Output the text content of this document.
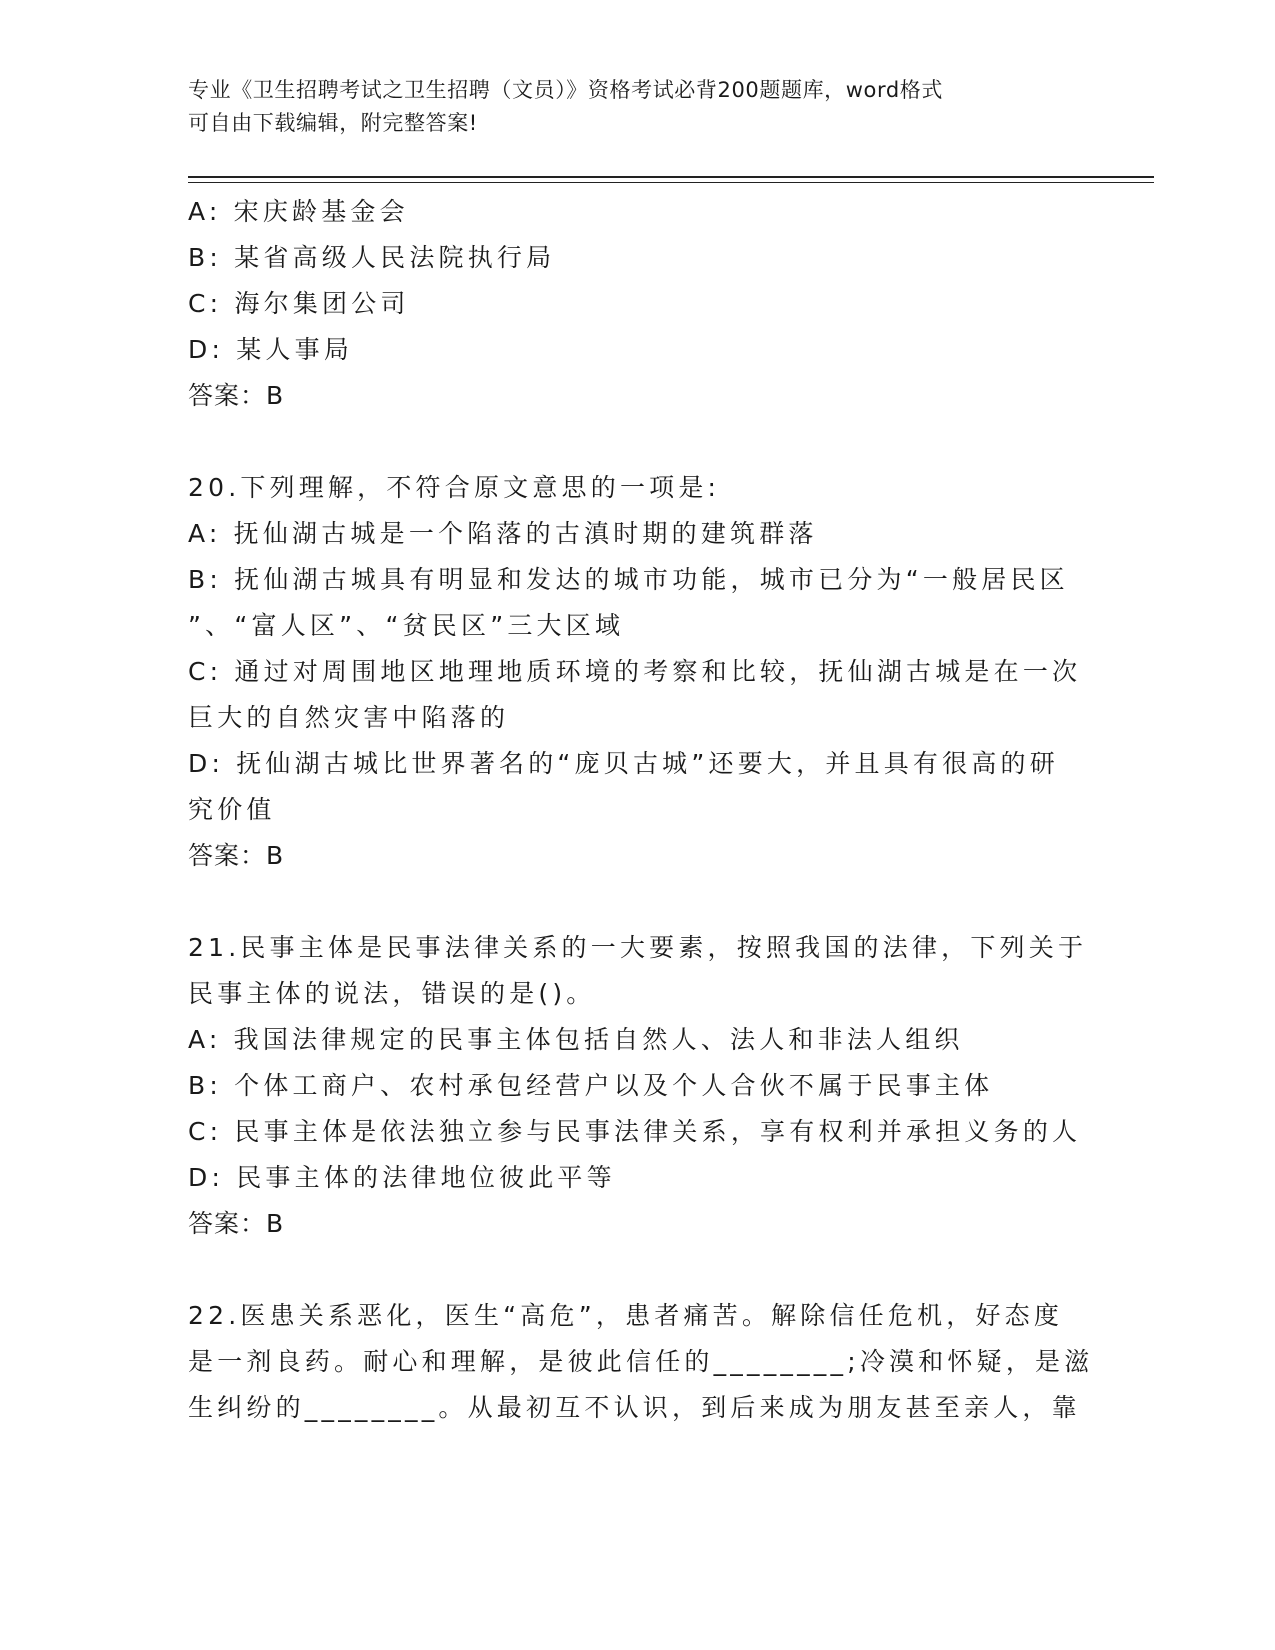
专业《卫生招聘考试之卫生招聘（文员）》资格考试必背200题题库，word格式
可自由下载编辑，附完整答案!
A: 宋庆龄基金会
B: 某省高级人民法院执行局
C: 海尔集团公司
D: 某人事局
答案：B
20.下列理解，不符合原文意思的一项是:
A: 抚仙湖古城是一个陷落的古滇时期的建筑群落
B: 抚仙湖古城具有明显和发达的城市功能，城市已分为“一般居民区
”、“富人区”、“贫民区”三大区域
C: 通过对周围地区地理地质环境的考察和比较，抚仙湖古城是在一次
巨大的自然灾害中陷落的
D: 抚仙湖古城比世界著名的“庞贝古城”还要大，并且具有很高的研
究价值
答案：B
21.民事主体是民事法律关系的一大要素，按照我国的法律，下列关于
民事主体的说法，错误的是()。
A: 我国法律规定的民事主体包括自然人、法人和非法人组织
B: 个体工商户、农村承包经营户以及个人合伙不属于民事主体
C: 民事主体是依法独立参与民事法律关系，享有权利并承担义务的人
D: 民事主体的法律地位彼此平等
答案：B
22.医患关系恶化，医生“高危”，患者痛苦。解除信任危机，好态度
是一剂良药。耐心和理解，是彼此信任的________;冷漠和怀疑，是滋
生纠纷的________。从最初互不认识，到后来成为朋友甚至亲人，靠
